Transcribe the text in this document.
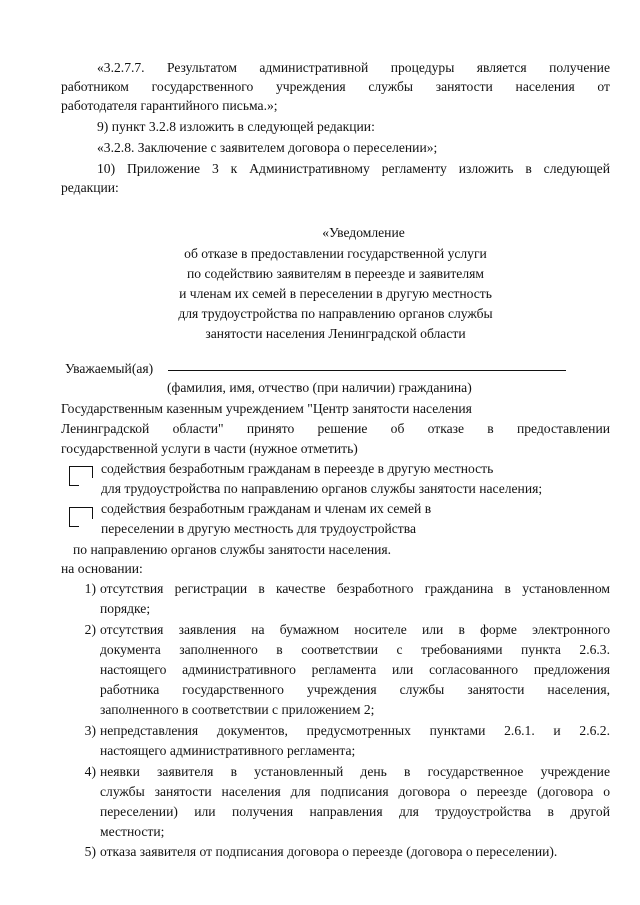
«3.2.7.7. Результатом административной процедуры является получение
работником государственного учреждения службы занятости населения от
работодателя гарантийного письма.»;
9) пункт 3.2.8 изложить в следующей редакции:
«3.2.8. Заключение с заявителем договора о переселении»;
10) Приложение 3 к Административному регламенту изложить в следующей
редакции:
«Уведомление
об отказе в предоставлении государственной услуги
по содействию заявителям в переезде и заявителям
и членам их семей в переселении в другую местность
для трудоустройства по направлению органов службы
занятости населения Ленинградской области
Уважаемый(ая)
(фамилия, имя, отчество (при наличии) гражданина)
Государственным казенным учреждением "Центр занятости населения
Ленинградской области" принято решение об отказе в предоставлении
государственной услуги в части (нужное отметить)
содействия безработным гражданам в переезде в другую местность
для трудоустройства по направлению органов службы занятости населения;
содействия безработным гражданам и членам их семей в
переселении в другую местность для трудоустройства
по направлению органов службы занятости населения.
на основании:
1) отсутствия регистрации в качестве безработного гражданина в установленном
порядке;
2) отсутствия заявления на бумажном носителе или в форме электронного
документа заполненного в соответствии с требованиями пункта 2.6.3.
настоящего административного регламента или согласованного предложения
работника государственного учреждения службы занятости населения,
заполненного в соответствии с приложением 2;
3) непредставления документов, предусмотренных пунктами 2.6.1. и 2.6.2.
настоящего административного регламента;
4) неявки заявителя в установленный день в государственное учреждение
службы занятости населения для подписания договора о переезде (договора о
переселении) или получения направления для трудоустройства в другой
местности;
5) отказа заявителя от подписания договора о переезде (договора о переселении).
